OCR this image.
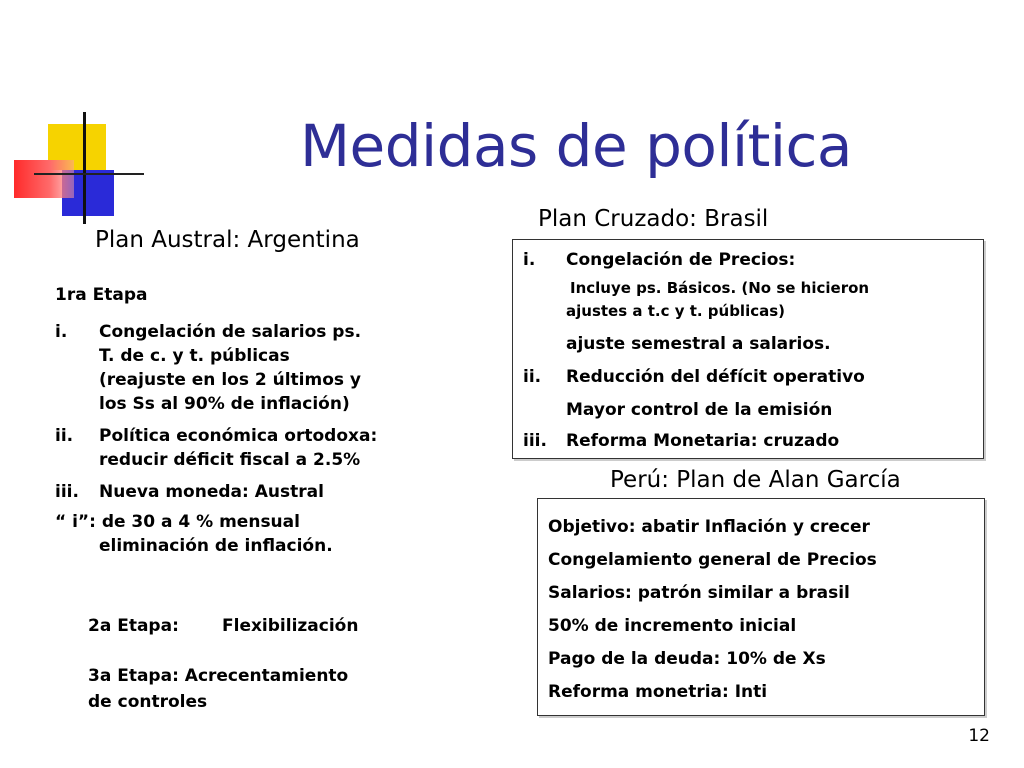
Medidas de política
Plan Austral: Argentina
1ra Etapa
i.	Congelación de salarios ps.
T. de c. y t. públicas
(reajuste en los 2 últimos y
los Ss al 90% de inflación)
ii.	Política económica ortodoxa:
reducir déficit fiscal a 2.5%
iii.	Nueva moneda: Austral
“ i”: de 30 a 4 % mensual
eliminación de inflación.
2a Etapa:	Flexibilización
3a Etapa: Acrecentamiento
de controles
Plan Cruzado: Brasil
i. Congelación de Precios:
Incluye ps. Básicos. (No se hicieron
ajustes a t.c y t. públicas)
ajuste semestral a salarios.
ii. Reducción del défícit operativo
Mayor control de la emisión
iii. Reforma Monetaria: cruzado
Perú: Plan de Alan García
Objetivo: abatir Inflación y crecer
Congelamiento general de Precios
Salarios: patrón similar a brasil
50% de incremento inicial
Pago de la deuda: 10% de Xs
Reforma monetria: Inti
12
